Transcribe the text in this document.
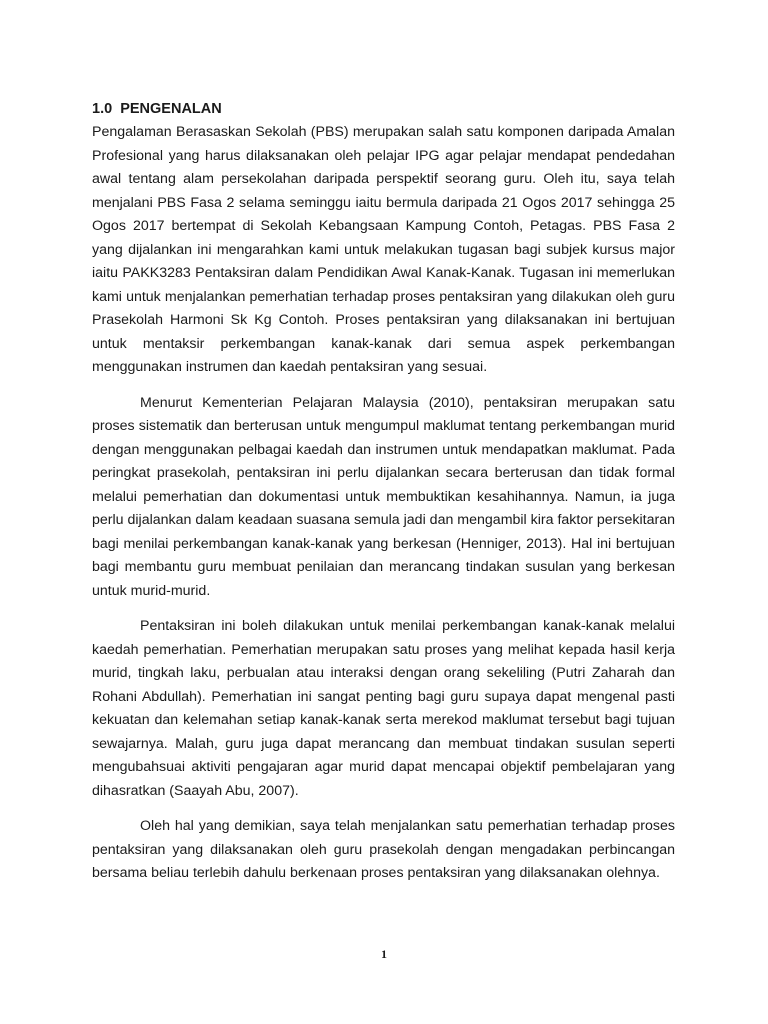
1.0  PENGENALAN

Pengalaman Berasaskan Sekolah (PBS) merupakan salah satu komponen daripada Amalan Profesional yang harus dilaksanakan oleh pelajar IPG agar pelajar mendapat pendedahan awal tentang alam persekolahan daripada perspektif seorang guru. Oleh itu, saya telah menjalani PBS Fasa 2 selama seminggu iaitu bermula daripada 21 Ogos 2017 sehingga 25 Ogos 2017 bertempat di Sekolah Kebangsaan Kampung Contoh, Petagas. PBS Fasa 2 yang dijalankan ini mengarahkan kami untuk melakukan tugasan bagi subjek kursus major iaitu PAKK3283 Pentaksiran dalam Pendidikan Awal Kanak-Kanak. Tugasan ini memerlukan kami untuk menjalankan pemerhatian terhadap proses pentaksiran yang dilakukan oleh guru Prasekolah Harmoni Sk Kg Contoh. Proses pentaksiran yang dilaksanakan ini bertujuan untuk mentaksir perkembangan kanak-kanak dari semua aspek perkembangan menggunakan instrumen dan kaedah pentaksiran yang sesuai.

Menurut Kementerian Pelajaran Malaysia (2010), pentaksiran merupakan satu proses sistematik dan berterusan untuk mengumpul maklumat tentang perkembangan murid dengan menggunakan pelbagai kaedah dan instrumen untuk mendapatkan maklumat. Pada peringkat prasekolah, pentaksiran ini perlu dijalankan secara berterusan dan tidak formal melalui pemerhatian dan dokumentasi untuk membuktikan kesahihannya. Namun, ia juga perlu dijalankan dalam keadaan suasana semula jadi dan mengambil kira faktor persekitaran bagi menilai perkembangan kanak-kanak yang berkesan (Henniger, 2013). Hal ini bertujuan bagi membantu guru membuat penilaian dan merancang tindakan susulan yang berkesan untuk murid-murid.

Pentaksiran ini boleh dilakukan untuk menilai perkembangan kanak-kanak melalui kaedah pemerhatian. Pemerhatian merupakan satu proses yang melihat kepada hasil kerja murid, tingkah laku, perbualan atau interaksi dengan orang sekeliling (Putri Zaharah dan Rohani Abdullah). Pemerhatian ini sangat penting bagi guru supaya dapat mengenal pasti kekuatan dan kelemahan setiap kanak-kanak serta merekod maklumat tersebut bagi tujuan sewajarnya. Malah, guru juga dapat merancang dan membuat tindakan susulan seperti mengubahsuai aktiviti pengajaran agar murid dapat mencapai objektif pembelajaran yang dihasratkan (Saayah Abu, 2007).

Oleh hal yang demikian, saya telah menjalankan satu pemerhatian terhadap proses pentaksiran yang dilaksanakan oleh guru prasekolah dengan mengadakan perbincangan bersama beliau terlebih dahulu berkenaan proses pentaksiran yang dilaksanakan olehnya.

1
